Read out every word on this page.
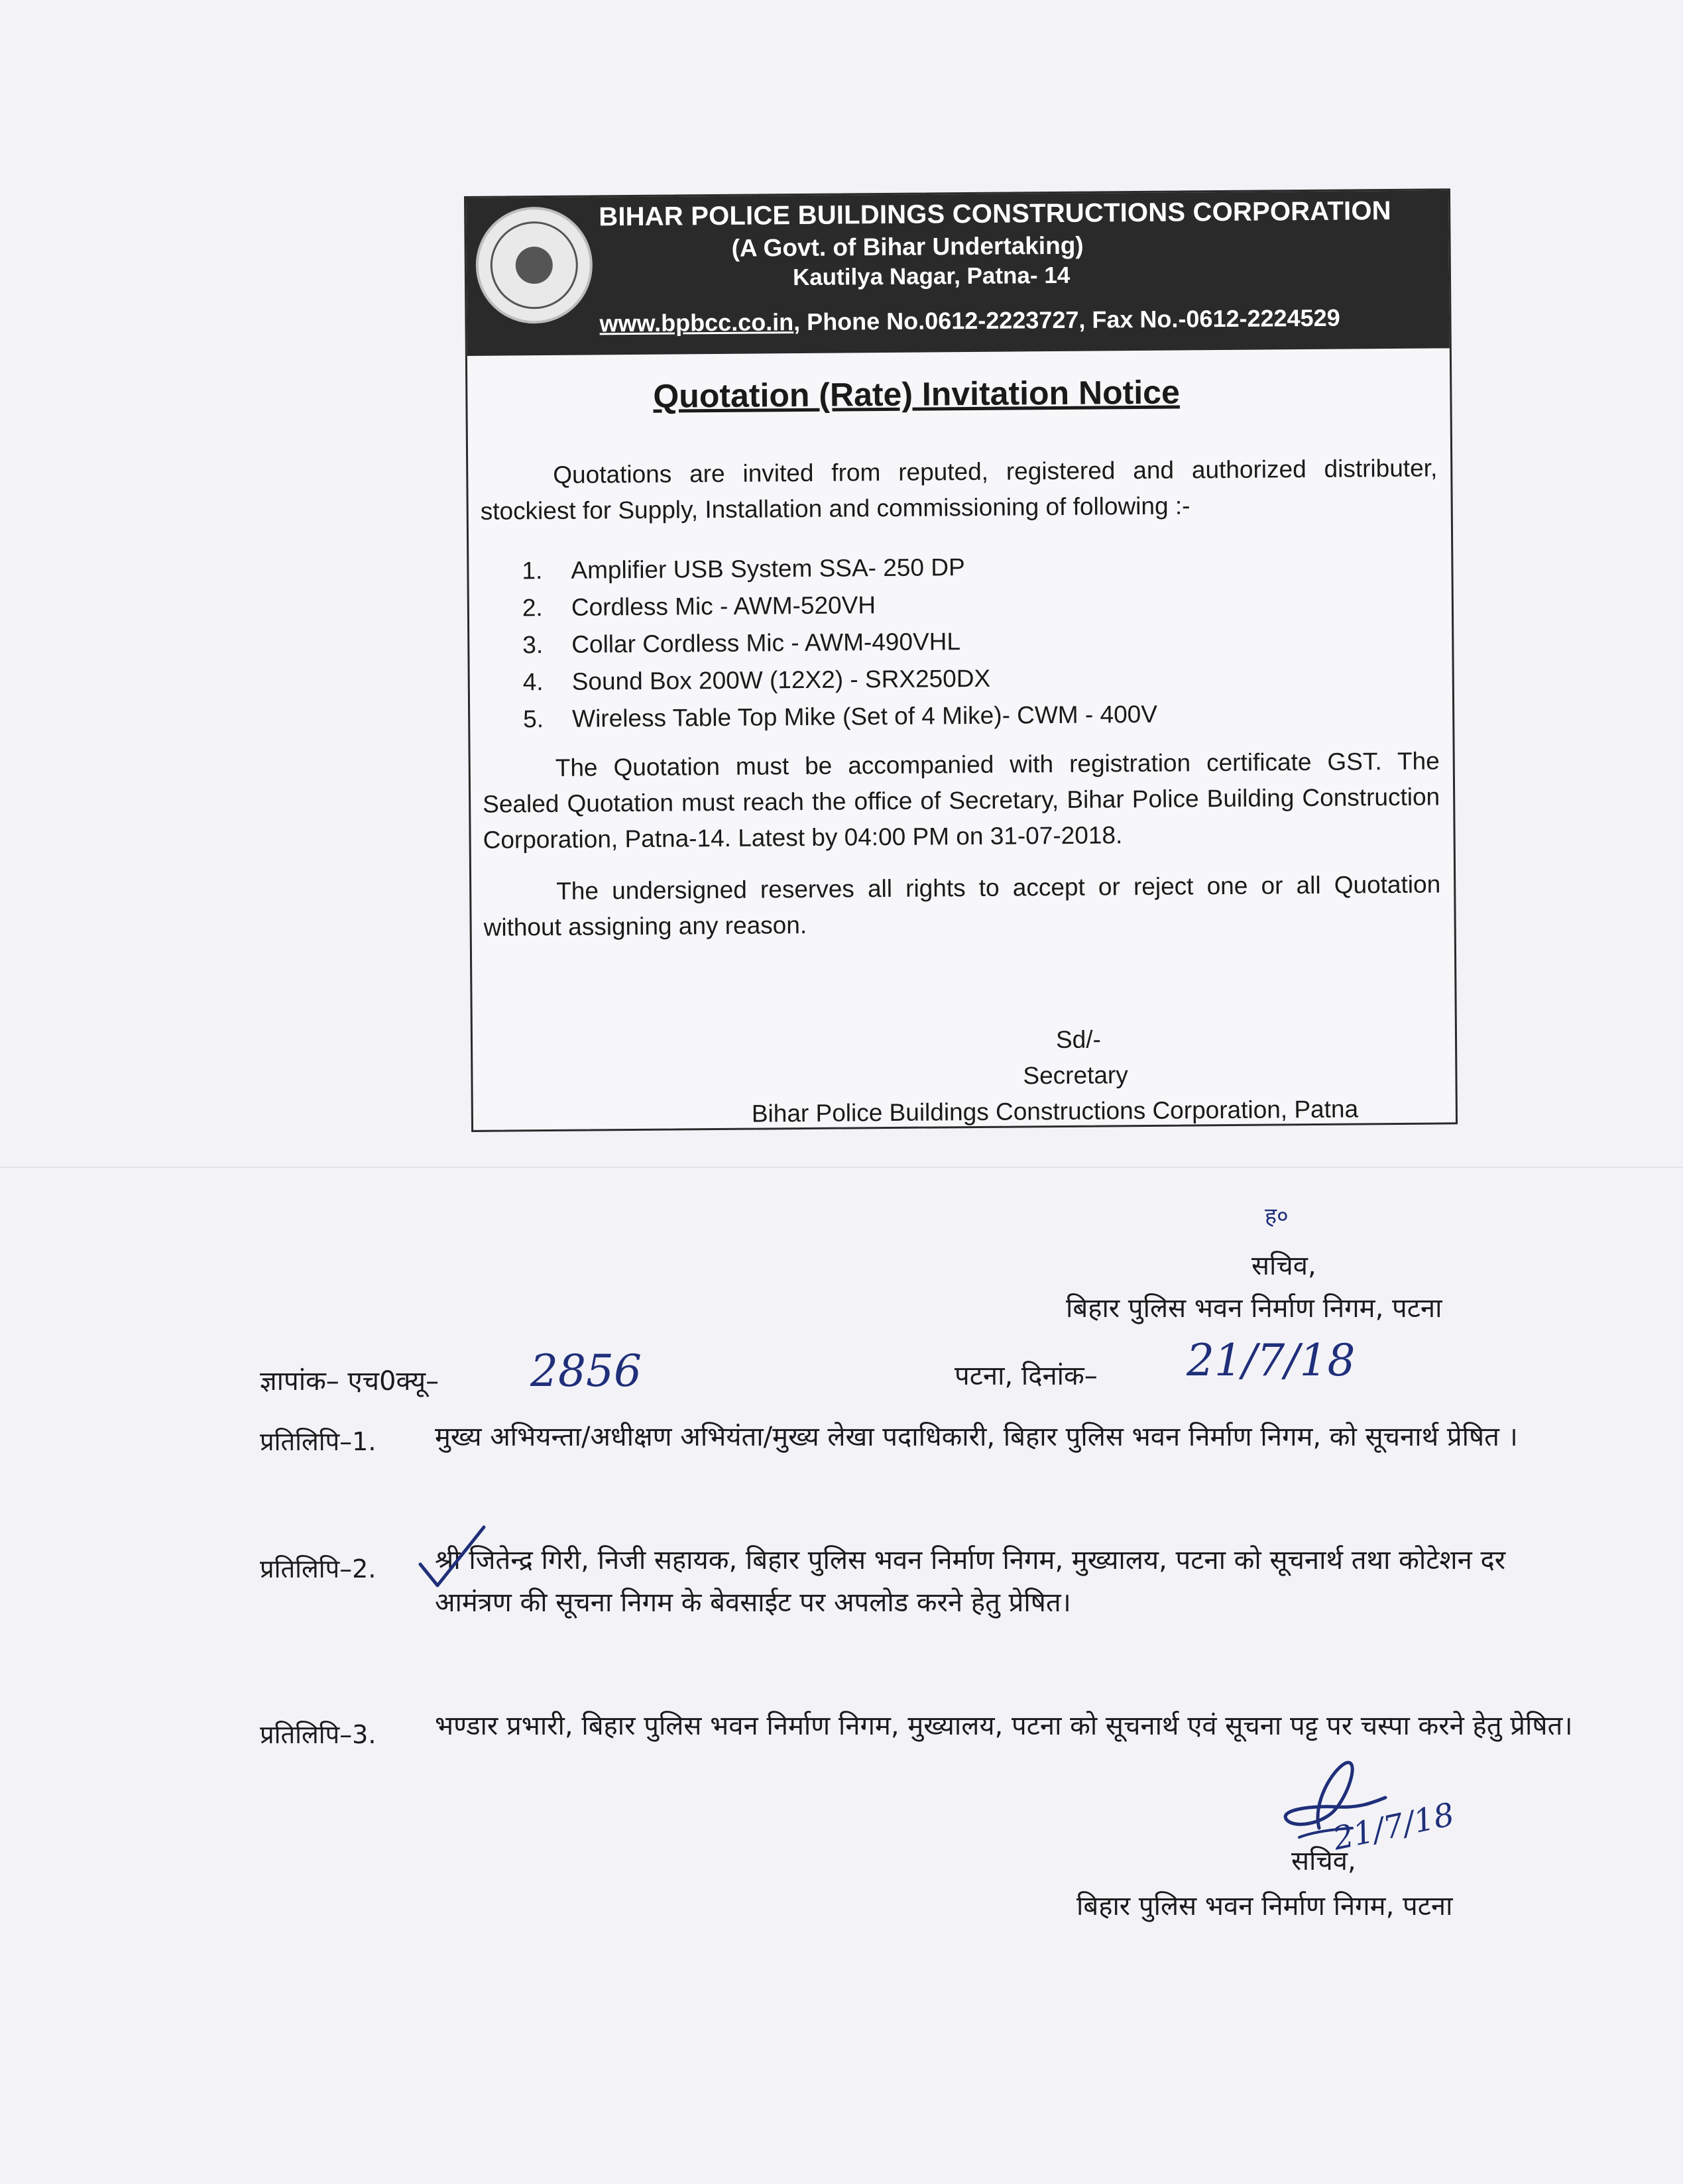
BIHAR POLICE BUILDINGS CONSTRUCTIONS CORPORATION
(A Govt. of Bihar Undertaking)
Kautilya Nagar, Patna- 14
www.bpbcc.co.in, Phone No.0612-2223727, Fax No.-0612-2224529
Quotation (Rate) Invitation Notice
Quotations are invited from reputed, registered and authorized distributer, stockiest for Supply, Installation and commissioning of following :-
1. Amplifier USB System SSA- 250 DP
2. Cordless Mic - AWM-520VH
3. Collar Cordless Mic - AWM-490VHL
4. Sound Box 200W (12X2) - SRX250DX
5. Wireless Table Top Mike (Set of 4 Mike)- CWM - 400V
The Quotation must be accompanied with registration certificate GST. The Sealed Quotation must reach the office of Secretary, Bihar Police Building Construction Corporation, Patna-14. Latest by 04:00 PM on 31-07-2018.
The undersigned reserves all rights to accept or reject one or all Quotation without assigning any reason.
Sd/-
Secretary
Bihar Police Buildings Constructions Corporation, Patna
ह०
सचिव,
बिहार पुलिस भवन निर्माण निगम, पटना
ज्ञापांक– एच0क्यू– 2856	पटना, दिनांक– 21/7/18
प्रतिलिपि–1. मुख्य अभियन्ता/अधीक्षण अभियंता/मुख्य लेखा पदाधिकारी, बिहार पुलिस भवन निर्माण निगम, को सूचनार्थ प्रेषित ।
प्रतिलिपि–2. श्री जितेन्द्र गिरी, निजी सहायक, बिहार पुलिस भवन निर्माण निगम, मुख्यालय, पटना को सूचनार्थ तथा कोटेशन दर आमंत्रण की सूचना निगम के बेवसाईट पर अपलोड करने हेतु प्रेषित।
प्रतिलिपि–3. भण्डार प्रभारी, बिहार पुलिस भवन निर्माण निगम, मुख्यालय, पटना को सूचनार्थ एवं सूचना पट्ट पर चस्पा करने हेतु प्रेषित।
21/7/18
सचिव,
बिहार पुलिस भवन निर्माण निगम, पटना
